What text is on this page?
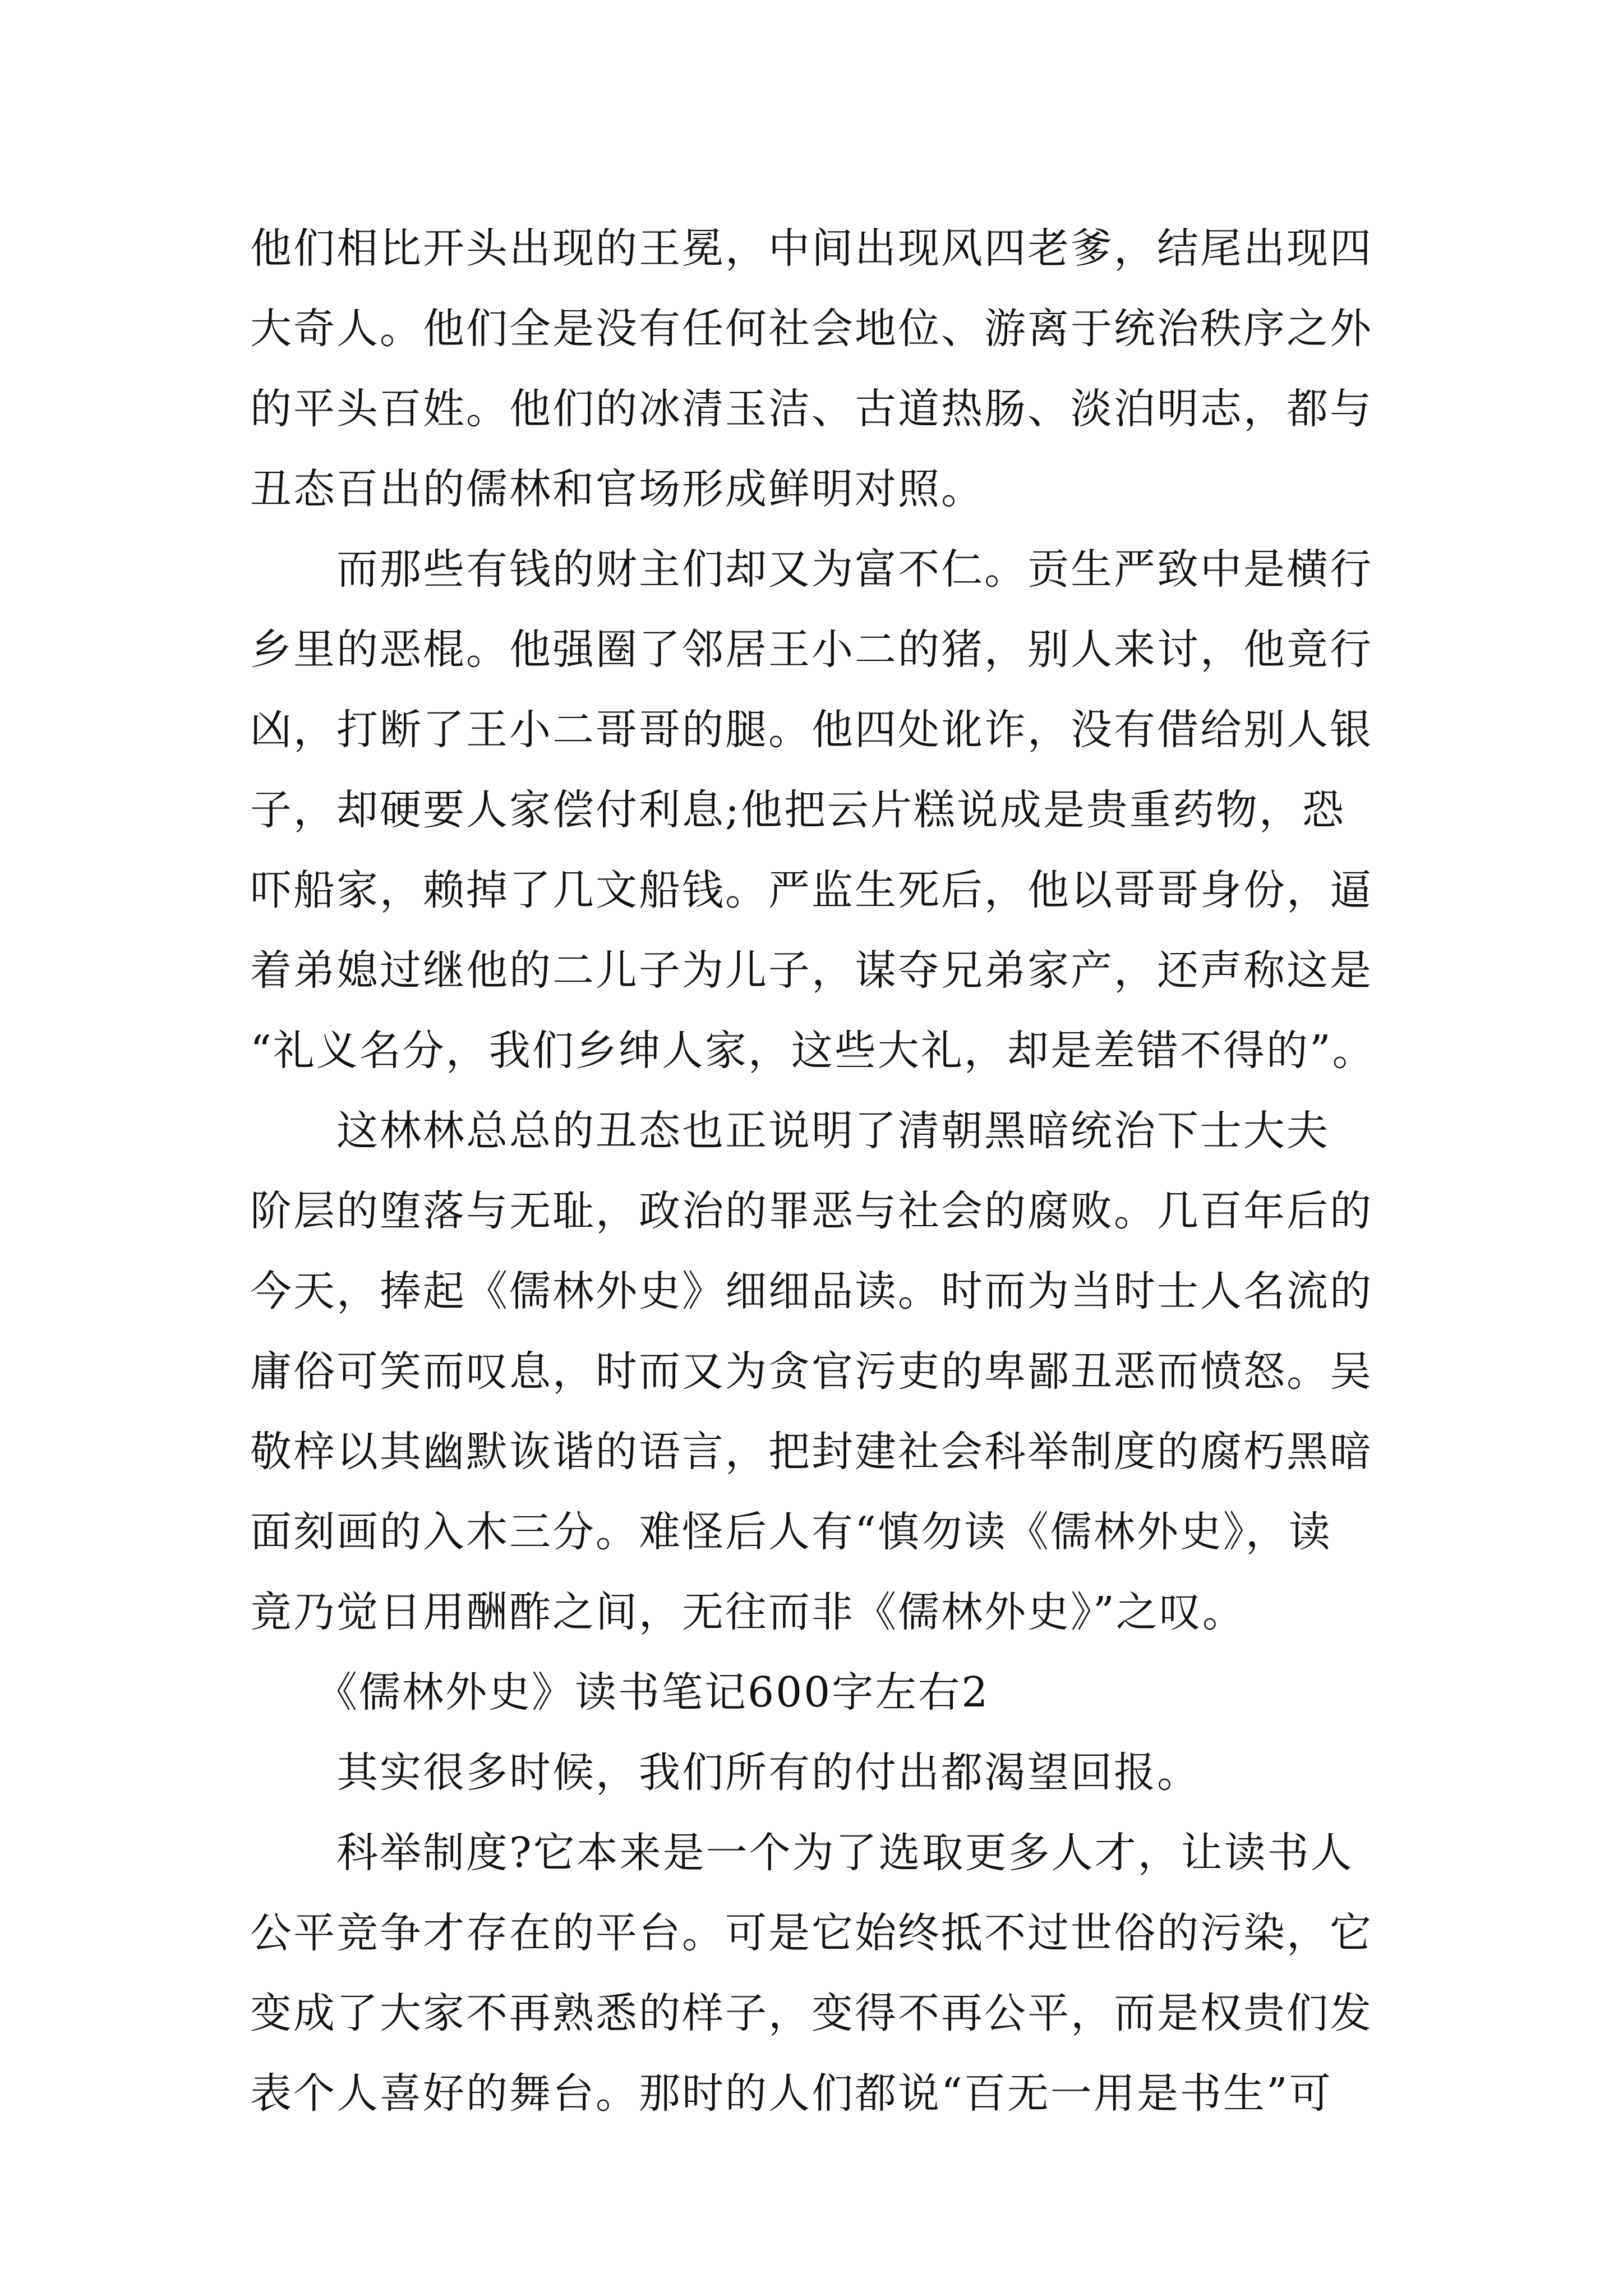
他们相比开头出现的王冕，中间出现风四老爹，结尾出现四
大奇人。他们全是没有任何社会地位、游离于统治秩序之外
的平头百姓。他们的冰清玉洁、古道热肠、淡泊明志，都与
丑态百出的儒林和官场形成鲜明对照。
　　而那些有钱的财主们却又为富不仁。贡生严致中是横行
乡里的恶棍。他强圈了邻居王小二的猪，别人来讨，他竟行
凶，打断了王小二哥哥的腿。他四处讹诈，没有借给别人银
子，却硬要人家偿付利息;他把云片糕说成是贵重药物，恐
吓船家，赖掉了几文船钱。严监生死后，他以哥哥身份，逼
着弟媳过继他的二儿子为儿子，谋夺兄弟家产，还声称这是
“礼义名分，我们乡绅人家，这些大礼，却是差错不得的”。
　　这林林总总的丑态也正说明了清朝黑暗统治下士大夫
阶层的堕落与无耻，政治的罪恶与社会的腐败。几百年后的
今天，捧起《儒林外史》细细品读。时而为当时士人名流的
庸俗可笑而叹息，时而又为贪官污吏的卑鄙丑恶而愤怒。吴
敬梓以其幽默诙谐的语言，把封建社会科举制度的腐朽黑暗
面刻画的入木三分。难怪后人有“慎勿读《儒林外史》，读
竟乃觉日用酬酢之间，无往而非《儒林外史》”之叹。
　　《儒林外史》读书笔记600字左右2
　　其实很多时候，我们所有的付出都渴望回报。
　　科举制度?它本来是一个为了选取更多人才，让读书人
公平竞争才存在的平台。可是它始终抵不过世俗的污染，它
变成了大家不再熟悉的样子，变得不再公平，而是权贵们发
表个人喜好的舞台。那时的人们都说“百无一用是书生”可
